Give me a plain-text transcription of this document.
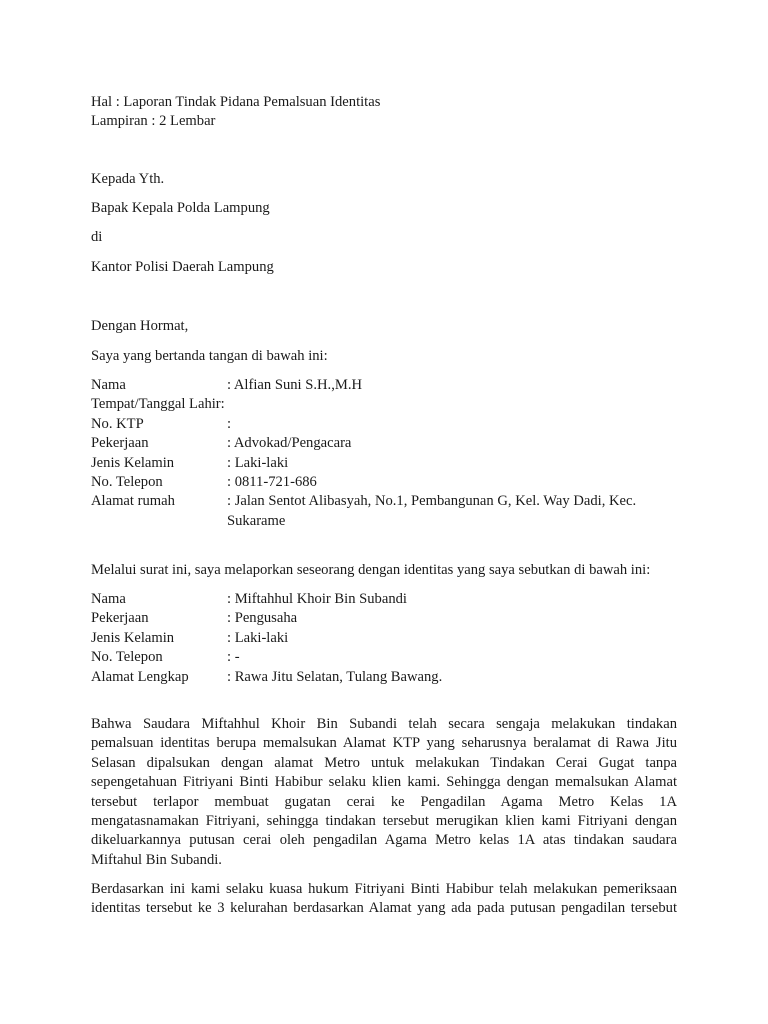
Hal : Laporan Tindak Pidana Pemalsuan Identitas
Lampiran : 2 Lembar
Kepada Yth.
Bapak Kepala Polda Lampung
di
Kantor Polisi Daerah Lampung
Dengan Hormat,
Saya yang bertanda tangan di bawah ini:
Nama	: Alfian Suni S.H.,M.H
Tempat/Tanggal Lahir:
No. KTP	:
Pekerjaan	: Advokad/Pengacara
Jenis Kelamin	: Laki-laki
No. Telepon	: 0811-721-686
Alamat rumah	: Jalan Sentot Alibasyah, No.1, Pembangunan G, Kel. Way Dadi, Kec.
Sukarame
Melalui surat ini, saya melaporkan seseorang dengan identitas yang saya sebutkan di bawah ini:
Nama	: Miftahhul Khoir Bin Subandi
Pekerjaan	: Pengusaha
Jenis Kelamin	: Laki-laki
No. Telepon	: -
Alamat Lengkap	: Rawa Jitu Selatan, Tulang Bawang.
Bahwa Saudara Miftahhul Khoir Bin Subandi telah secara sengaja melakukan tindakan
pemalsuan identitas berupa memalsukan Alamat KTP yang seharusnya beralamat di Rawa Jitu
Selasan dipalsukan dengan alamat Metro untuk melakukan Tindakan Cerai Gugat tanpa
sepengetahuan Fitriyani Binti Habibur selaku klien kami. Sehingga dengan memalsukan Alamat
tersebut terlapor membuat gugatan cerai ke Pengadilan Agama Metro Kelas 1A
mengatasnamakan Fitriyani, sehingga tindakan tersebut merugikan klien kami Fitriyani dengan
dikeluarkannya putusan cerai oleh pengadilan Agama Metro kelas 1A atas tindakan saudara
Miftahul Bin Subandi.
Berdasarkan ini kami selaku kuasa hukum Fitriyani Binti Habibur telah melakukan pemeriksaan
identitas tersebut ke 3 kelurahan berdasarkan Alamat yang ada pada putusan pengadilan tersebut
